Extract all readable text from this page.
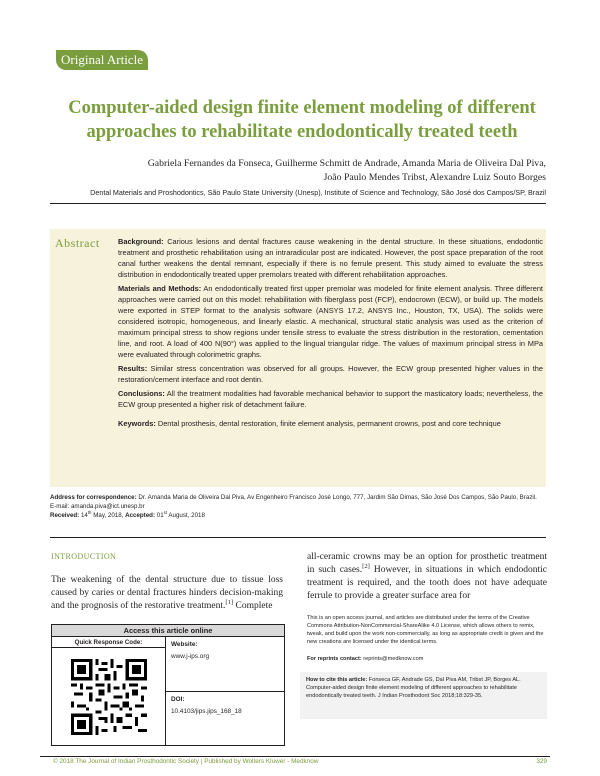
Original Article
Computer-aided design finite element modeling of different approaches to rehabilitate endodontically treated teeth
Gabriela Fernandes da Fonseca, Guilherme Schmitt de Andrade, Amanda Maria de Oliveira Dal Piva,
João Paulo Mendes Tribst, Alexandre Luiz Souto Borges
Dental Materials and Proshodontics, São Paulo State University (Unesp), Institute of Science and Technology, São José dos Campos/SP, Brazil
Abstract Background: Carious lesions and dental fractures cause weakening in the dental structure. In these situations, endodontic treatment and prosthetic rehabilitation using an intraradicular post are indicated. However, the post space preparation of the root canal further weakens the dental remnant, especially if there is no ferrule present. This study aimed to evaluate the stress distribution in endodontically treated upper premolars treated with different rehabilitation approaches.

Materials and Methods: An endodontically treated first upper premolar was modeled for finite element analysis. Three different approaches were carried out on this model: rehabilitation with fiberglass post (FCP), endocrown (ECW), or build up. The models were exported in STEP format to the analysis software (ANSYS 17.2, ANSYS Inc., Houston, TX, USA). The solids were considered isotropic, homogeneous, and linearly elastic. A mechanical, structural static analysis was used as the criterion of maximum principal stress to show regions under tensile stress to evaluate the stress distribution in the restoration, cementation line, and root. A load of 400 N(90°) was applied to the lingual triangular ridge. The values of maximum principal stress in MPa were evaluated through colorimetric graphs.

Results: Similar stress concentration was observed for all groups. However, the ECW group presented higher values in the restoration/cement interface and root dentin.

Conclusions: All the treatment modalities had favorable mechanical behavior to support the masticatory loads; nevertheless, the ECW group presented a higher risk of detachment failure.

Keywords: Dental prosthesis, dental restoration, finite element analysis, permanent crowns, post and core technique

Address for correspondence: Dr. Amanda Maria de Oliveira Dal Piva, Av Engenheiro Francisco José Longo, 777, Jardim São Dimas, São José Dos Campos, São Paulo, Brazil.
E-mail: amanda.piva@ict.unesp.br
Received: 14th May, 2018, Accepted: 01st August, 2018
INTRODUCTION

The weakening of the dental structure due to tissue loss caused by caries or dental fractures hinders decision-making and the prognosis of the restorative treatment.[1] Complete

all-ceramic crowns may be an option for prosthetic treatment in such cases.[2] However, in situations in which endodontic treatment is required, and the tooth does not have adequate ferrule to provide a greater surface area for

Access this article online
Quick Response Code:	Website:
www.j-ips.org
DOI:
10.4103/jips.jips_168_18
This is an open access journal, and articles are distributed under the terms of the Creative Commons Attribution-NonCommercial-ShareAlike 4.0 License, which allows others to remix, tweak, and build upon the work non-commercially, as long as appropriate credit is given and the new creations are licensed under the identical terms.
For reprints contact: reprints@medknow.com
How to cite this article: Fonseca GF, Andrade GS, Dal Piva AM, Tribst JP, Borges AL. Computer-aided design finite element modeling of different approaches to rehabilitate endodontically treated teeth. J Indian Prosthodont Soc 2018;18:329-35.
© 2018 The Journal of Indian Prosthodontic Society | Published by Wolters Kluwer - Medknow	329
